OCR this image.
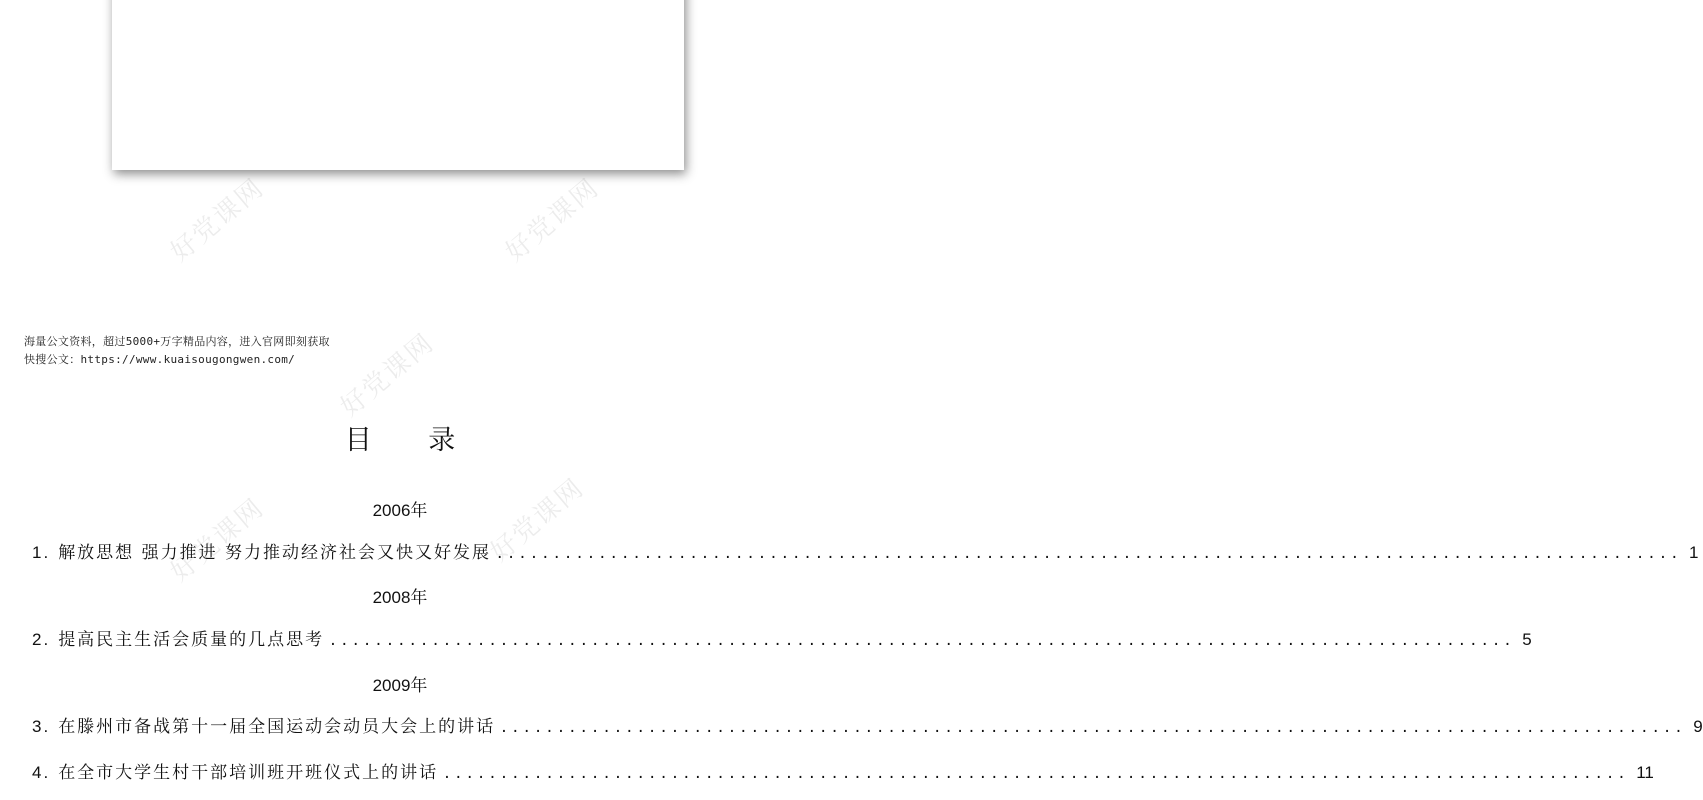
好党课网	好党课网
好党课网
好党课网	好党课网
海量公文资料，超过5000+万字精品内容，进入官网即刻获取
快搜公文：https://www.kuaisougongwen.com/
目 录
2006年
1. 解放思想 强力推进 努力推动经济社会又快又好发展 ........................................................................................................ 1
2008年
2. 提高民主生活会质量的几点思考 ........................................................................................................ 5
2009年
3. 在滕州市备战第十一届全国运动会动员大会上的讲话 ........................................................................................................ 9
4. 在全市大学生村干部培训班开班仪式上的讲话 ........................................................................................................ 11
